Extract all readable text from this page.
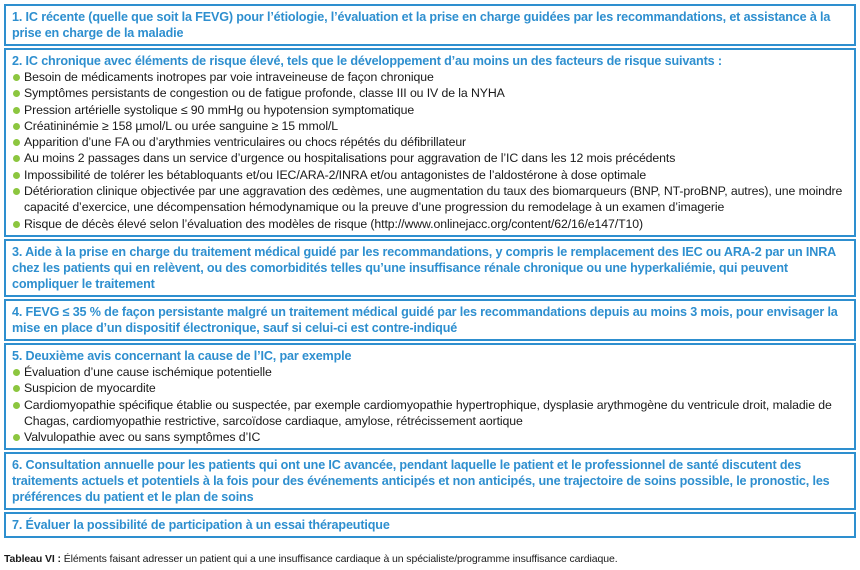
1. IC récente (quelle que soit la FEVG) pour l’étiologie, l’évaluation et la prise en charge guidées par les recommandations, et assistance à la prise en charge de la maladie
2. IC chronique avec éléments de risque élevé, tels que le développement d’au moins un des facteurs de risque suivants :
Besoin de médicaments inotropes par voie intraveineuse de façon chronique
Symptômes persistants de congestion ou de fatigue profonde, classe III ou IV de la NYHA
Pression artérielle systolique ≤ 90 mmHg ou hypotension symptomatique
Créatininémie ≥ 158 µmol/L ou urée sanguine ≥ 15 mmol/L
Apparition d’une FA ou d’arythmies ventriculaires ou chocs répétés du défibrillateur
Au moins 2 passages dans un service d’urgence ou hospitalisations pour aggravation de l’IC dans les 12 mois précédents
Impossibilité de tolérer les bétabloquants et/ou IEC/ARA-2/INRA et/ou antagonistes de l’aldostérone à dose optimale
Détérioration clinique objectivée par une aggravation des œdèmes, une augmentation du taux des biomarqueurs (BNP, NT-proBNP, autres), une moindre capacité d’exercice, une décompensation hémodynamique ou la preuve d’une progression du remodelage à un examen d’imagerie
Risque de décès élevé selon l’évaluation des modèles de risque (http://www.onlinejacc.org/content/62/16/e147/T10)
3. Aide à la prise en charge du traitement médical guidé par les recommandations, y compris le remplacement des IEC ou ARA-2 par un INRA chez les patients qui en relèvent, ou des comorbidités telles qu’une insuffisance rénale chronique ou une hyperkaliémie, qui peuvent compliquer le traitement
4. FEVG ≤ 35 % de façon persistante malgré un traitement médical guidé par les recommandations depuis au moins 3 mois, pour envisager la mise en place d’un dispositif électronique, sauf si celui-ci est contre-indiqué
5. Deuxième avis concernant la cause de l’IC, par exemple
Évaluation d’une cause ischémique potentielle
Suspicion de myocardite
Cardiomyopathie spécifique établie ou suspectée, par exemple cardiomyopathie hypertrophique, dysplasie arythmogène du ventricule droit, maladie de Chagas, cardiomyopathie restrictive, sarcoïdose cardiaque, amylose, rétrécissement aortique
Valvulopathie avec ou sans symptômes d’IC
6. Consultation annuelle pour les patients qui ont une IC avancée, pendant laquelle le patient et le professionnel de santé discutent des traitements actuels et potentiels à la fois pour des événements anticipés et non anticipés, une trajectoire de soins possible, le pronostic, les préférences du patient et le plan de soins
7. Évaluer la possibilité de participation à un essai thérapeutique
Tableau VI : Éléments faisant adresser un patient qui a une insuffisance cardiaque à un spécialiste/programme insuffisance cardiaque.
